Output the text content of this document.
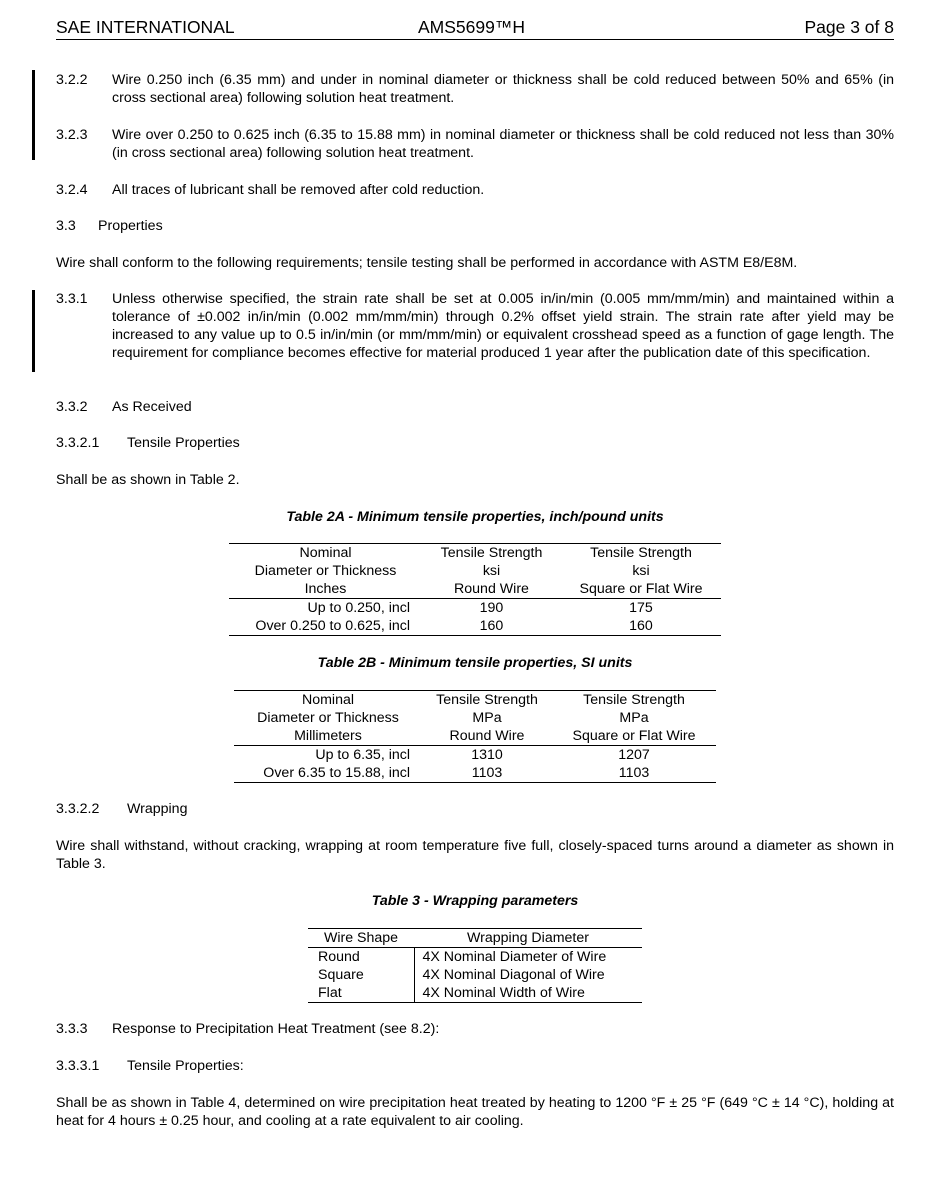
SAE INTERNATIONAL	AMS5699™H	Page 3 of 8
3.2.2 Wire 0.250 inch (6.35 mm) and under in nominal diameter or thickness shall be cold reduced between 50% and 65% (in cross sectional area) following solution heat treatment.
3.2.3 Wire over 0.250 to 0.625 inch (6.35 to 15.88 mm) in nominal diameter or thickness shall be cold reduced not less than 30% (in cross sectional area) following solution heat treatment.
3.2.4 All traces of lubricant shall be removed after cold reduction.
3.3 Properties
Wire shall conform to the following requirements; tensile testing shall be performed in accordance with ASTM E8/E8M.
3.3.1 Unless otherwise specified, the strain rate shall be set at 0.005 in/in/min (0.005 mm/mm/min) and maintained within a tolerance of ±0.002 in/in/min (0.002 mm/mm/min) through 0.2% offset yield strain. The strain rate after yield may be increased to any value up to 0.5 in/in/min (or mm/mm/min) or equivalent crosshead speed as a function of gage length. The requirement for compliance becomes effective for material produced 1 year after the publication date of this specification.
3.3.2 As Received
3.3.2.1 Tensile Properties
Shall be as shown in Table 2.
Table 2A - Minimum tensile properties, inch/pound units
Nominal	Tensile Strength	Tensile Strength
Diameter or Thickness	ksi	ksi
Inches	Round Wire	Square or Flat Wire
Up to 0.250, incl	190	175
Over 0.250 to 0.625, incl	160	160
Table 2B - Minimum tensile properties, SI units
Nominal	Tensile Strength	Tensile Strength
Diameter or Thickness	MPa	MPa
Millimeters	Round Wire	Square or Flat Wire
Up to 6.35, incl	1310	1207
Over 6.35 to 15.88, incl	1103	1103
3.3.2.2 Wrapping
Wire shall withstand, without cracking, wrapping at room temperature five full, closely-spaced turns around a diameter as shown in Table 3.
Table 3 - Wrapping parameters
Wire Shape	Wrapping Diameter
Round	4X Nominal Diameter of Wire
Square	4X Nominal Diagonal of Wire
Flat	4X Nominal Width of Wire
3.3.3 Response to Precipitation Heat Treatment (see 8.2):
3.3.3.1 Tensile Properties:
Shall be as shown in Table 4, determined on wire precipitation heat treated by heating to 1200 °F ± 25 °F (649 °C ± 14 °C), holding at heat for 4 hours ± 0.25 hour, and cooling at a rate equivalent to air cooling.
